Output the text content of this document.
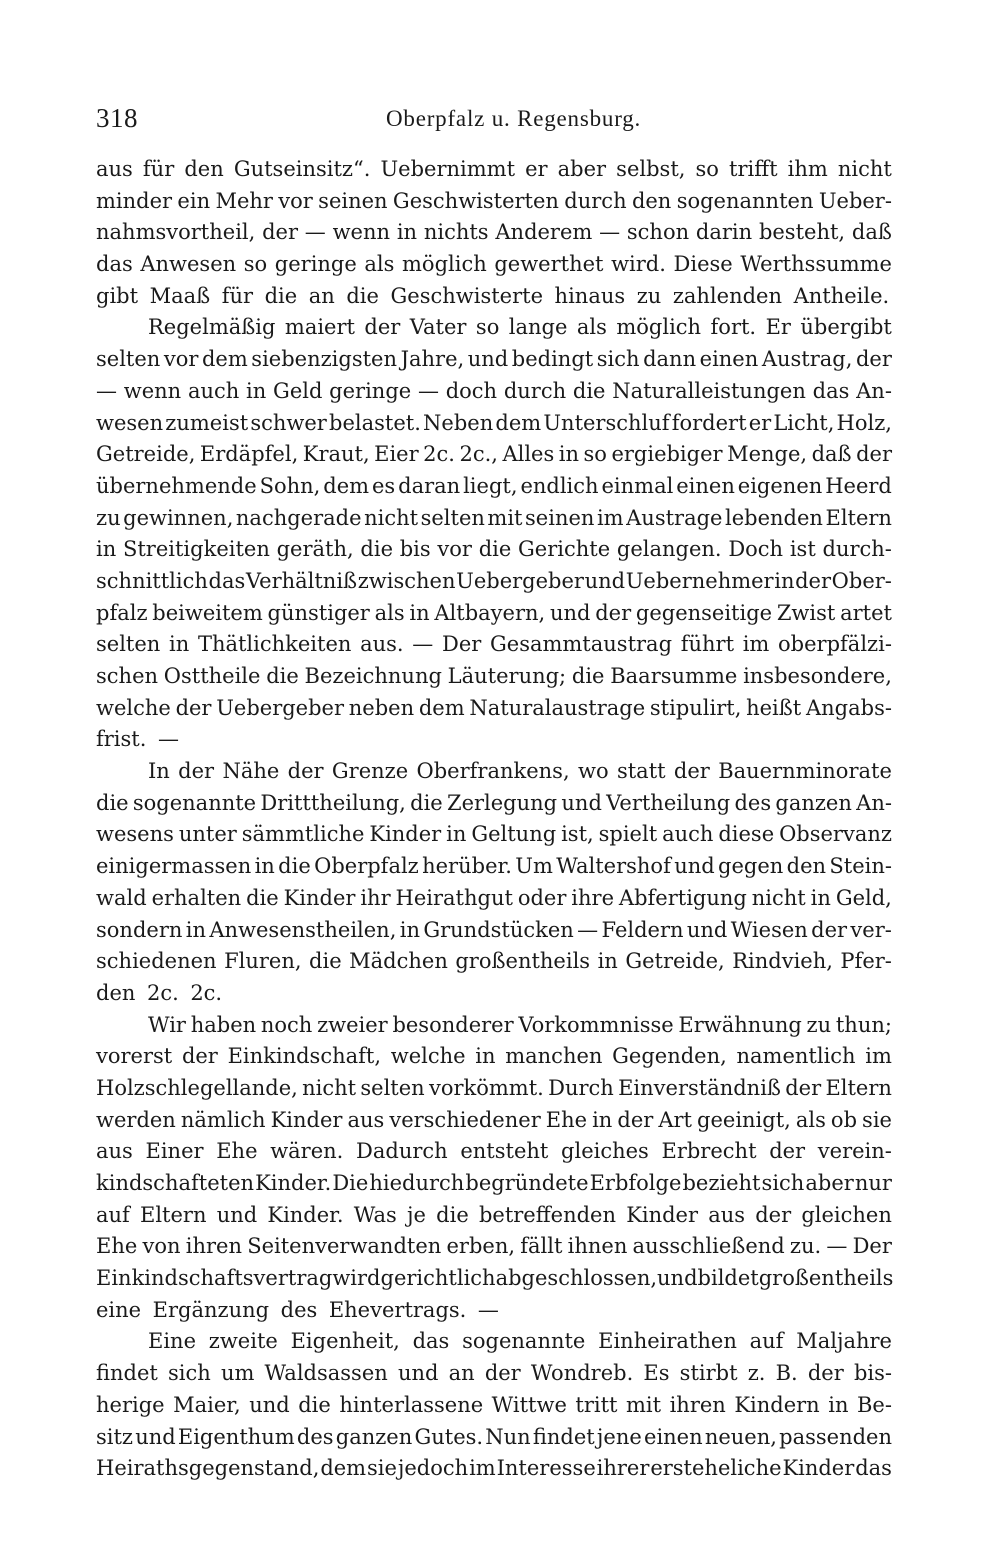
318	Oberpfalz u. Regensburg.
aus für den Gutseinsitz“. Uebernimmt er aber selbst, so trifft ihm nicht
minder ein Mehr vor seinen Geschwisterten durch den sogenannten Ueber-
nahmsvortheil, der — wenn in nichts Anderem — schon darin besteht, daß
das Anwesen so geringe als möglich gewerthet wird. Diese Werthssumme
gibt Maaß für die an die Geschwisterte hinaus zu zahlenden Antheile.
Regelmäßig maiert der Vater so lange als möglich fort. Er übergibt
selten vor dem siebenzigsten Jahre, und bedingt sich dann einen Austrag, der
— wenn auch in Geld geringe — doch durch die Naturalleistungen das An-
wesen zumeist schwer belastet. Neben dem Unterschluf fordert er Licht, Holz,
Getreide, Erdäpfel, Kraut, Eier 2c. 2c., Alles in so ergiebiger Menge, daß der
übernehmende Sohn, dem es daran liegt, endlich einmal einen eigenen Heerd
zu gewinnen, nachgerade nicht selten mit seinen im Austrage lebenden Eltern
in Streitigkeiten geräth, die bis vor die Gerichte gelangen. Doch ist durch-
schnittlich das Verhältniß zwischen Uebergeber und Uebernehmer in der Ober-
pfalz beiweitem günstiger als in Altbayern, und der gegenseitige Zwist artet
selten in Thätlichkeiten aus. — Der Gesammtaustrag führt im oberpfälzi-
schen Osttheile die Bezeichnung Läuterung; die Baarsumme insbesondere,
welche der Uebergeber neben dem Naturalaustrage stipulirt, heißt Angabs-
frist. —
In der Nähe der Grenze Oberfrankens, wo statt der Bauernminorate
die sogenannte Dritttheilung, die Zerlegung und Vertheilung des ganzen An-
wesens unter sämmtliche Kinder in Geltung ist, spielt auch diese Observanz
einigermassen in die Oberpfalz herüber. Um Waltershof und gegen den Stein-
wald erhalten die Kinder ihr Heirathgut oder ihre Abfertigung nicht in Geld,
sondern in Anwesenstheilen, in Grundstücken — Feldern und Wiesen der ver-
schiedenen Fluren, die Mädchen großentheils in Getreide, Rindvieh, Pfer-
den 2c. 2c.
Wir haben noch zweier besonderer Vorkommnisse Erwähnung zu thun;
vorerst der Einkindschaft, welche in manchen Gegenden, namentlich im
Holzschlegellande, nicht selten vorkömmt. Durch Einverständniß der Eltern
werden nämlich Kinder aus verschiedener Ehe in der Art geeinigt, als ob sie
aus Einer Ehe wären. Dadurch entsteht gleiches Erbrecht der verein-
kindschafteten Kinder. Die hiedurch begründete Erbfolge bezieht sich aber nur
auf Eltern und Kinder. Was je die betreffenden Kinder aus der gleichen
Ehe von ihren Seitenverwandten erben, fällt ihnen ausschließend zu. — Der
Einkindschaftsvertrag wird gerichtlich abgeschlossen, und bildet großentheils
eine Ergänzung des Ehevertrags. —
Eine zweite Eigenheit, das sogenannte Einheirathen auf Maljahre
findet sich um Waldsassen und an der Wondreb. Es stirbt z. B. der bis-
herige Maier, und die hinterlassene Wittwe tritt mit ihren Kindern in Be-
sitz und Eigenthum des ganzen Gutes. Nun findet jene einen neuen, passenden
Heirathsgegenstand, dem sie jedoch im Interesse ihrer ersteheliche Kinder das
